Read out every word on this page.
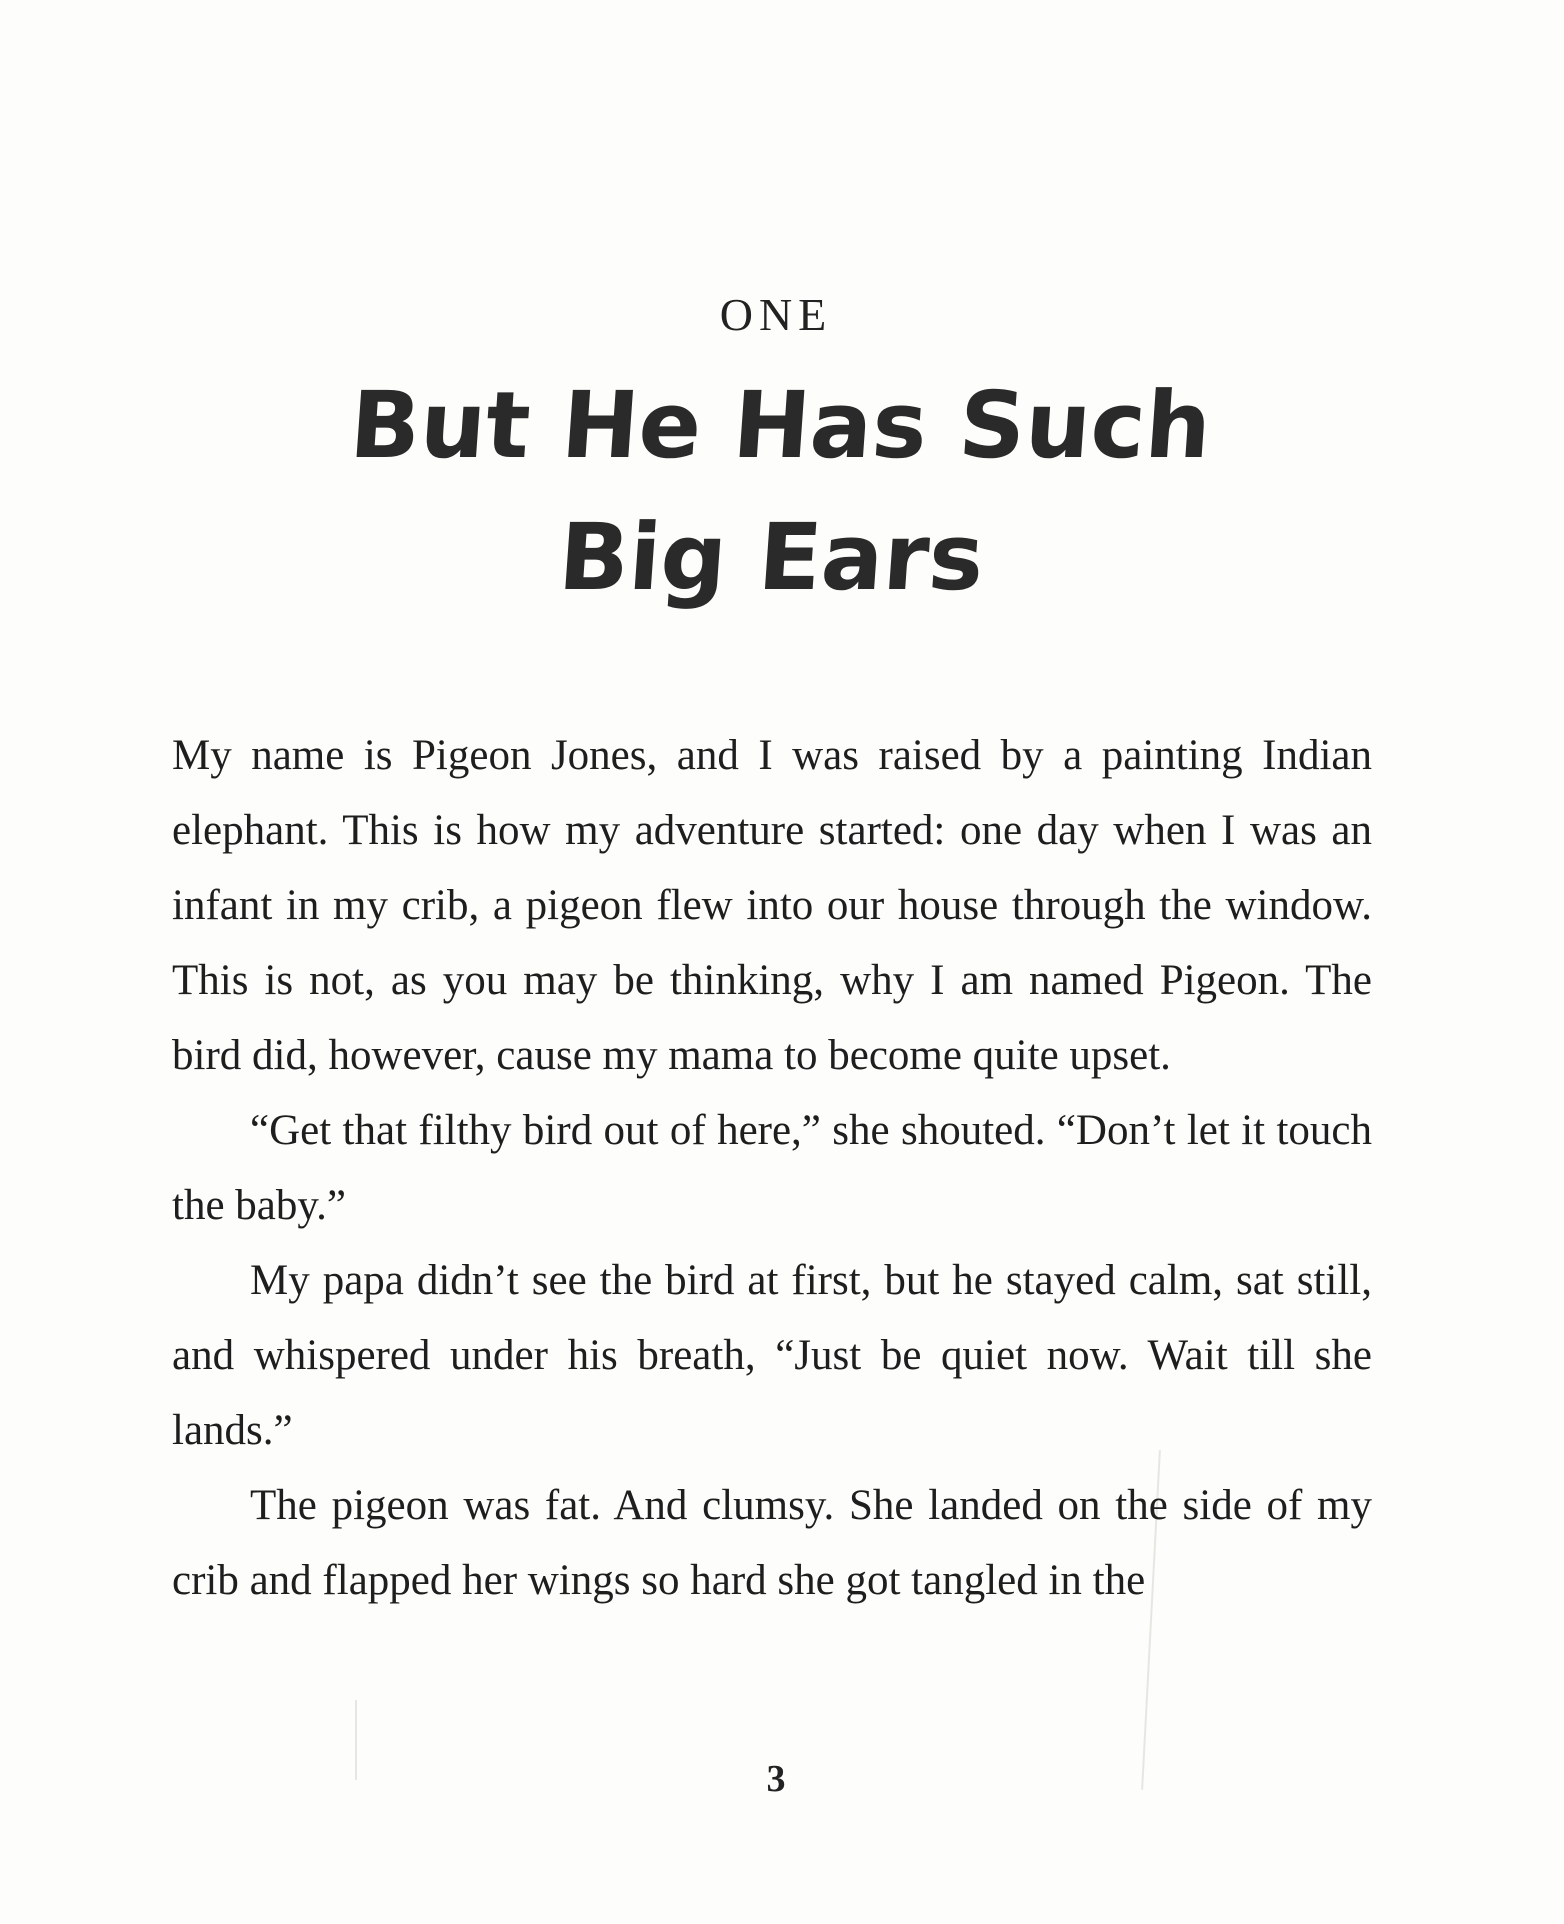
ONE
But He Has Such
Big Ears

My name is Pigeon Jones, and I was raised by a painting Indian elephant. This is how my adventure started: one day when I was an infant in my crib, a pigeon flew into our house through the window. This is not, as you may be thinking, why I am named Pigeon. The bird did, however, cause my mama to become quite upset.

“Get that filthy bird out of here,” she shouted. “Don’t let it touch the baby.”

My papa didn’t see the bird at first, but he stayed calm, sat still, and whispered under his breath, “Just be quiet now. Wait till she lands.”

The pigeon was fat. And clumsy. She landed on the side of my crib and flapped her wings so hard she got tangled in the

3
